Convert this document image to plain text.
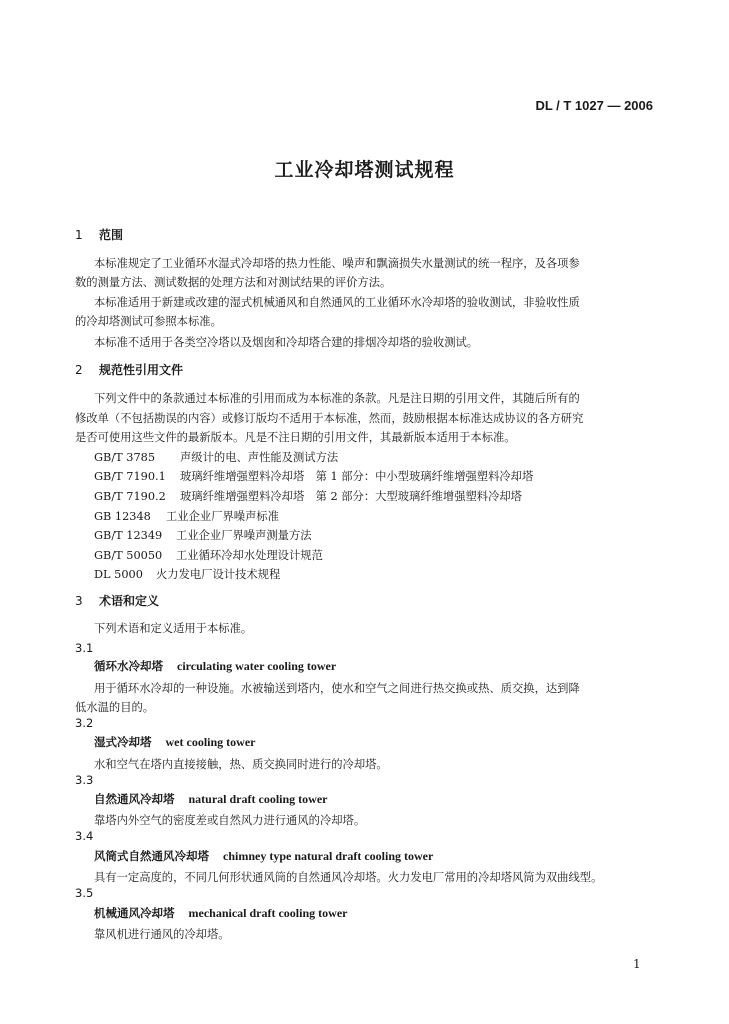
DL / T 1027 — 2006
工业冷却塔测试规程
1 范围
本标准规定了工业循环水湿式冷却塔的热力性能、噪声和飘滴损失水量测试的统一程序，及各项参
数的测量方法、测试数据的处理方法和对测试结果的评价方法。
本标准适用于新建或改建的湿式机械通风和自然通风的工业循环水冷却塔的验收测试，非验收性质
的冷却塔测试可参照本标准。
本标准不适用于各类空冷塔以及烟囱和冷却塔合建的排烟冷却塔的验收测试。
2 规范性引用文件
下列文件中的条款通过本标准的引用而成为本标准的条款。凡是注日期的引用文件，其随后所有的
修改单（不包括勘误的内容）或修订版均不适用于本标准，然而，鼓励根据本标准达成协议的各方研究
是否可使用这些文件的最新版本。凡是不注日期的引用文件，其最新版本适用于本标准。
GB/T 3785 声级计的电、声性能及测试方法
GB/T 7190.1 玻璃纤维增强塑料冷却塔　第 1 部分：中小型玻璃纤维增强塑料冷却塔
GB/T 7190.2 玻璃纤维增强塑料冷却塔　第 2 部分：大型玻璃纤维增强塑料冷却塔
GB 12348 工业企业厂界噪声标准
GB/T 12349 工业企业厂界噪声测量方法
GB/T 50050 工业循环冷却水处理设计规范
DL 5000 火力发电厂设计技术规程
3 术语和定义
下列术语和定义适用于本标准。
3.1
循环水冷却塔 circulating water cooling tower
用于循环水冷却的一种设施。水被输送到塔内，使水和空气之间进行热交换或热、质交换，达到降
低水温的目的。
3.2
湿式冷却塔 wet cooling tower
水和空气在塔内直接接触，热、质交换同时进行的冷却塔。
3.3
自然通风冷却塔 natural draft cooling tower
靠塔内外空气的密度差或自然风力进行通风的冷却塔。
3.4
风筒式自然通风冷却塔 chimney type natural draft cooling tower
具有一定高度的，不同几何形状通风筒的自然通风冷却塔。火力发电厂常用的冷却塔风筒为双曲线型。
3.5
机械通风冷却塔 mechanical draft cooling tower
靠风机进行通风的冷却塔。
1
